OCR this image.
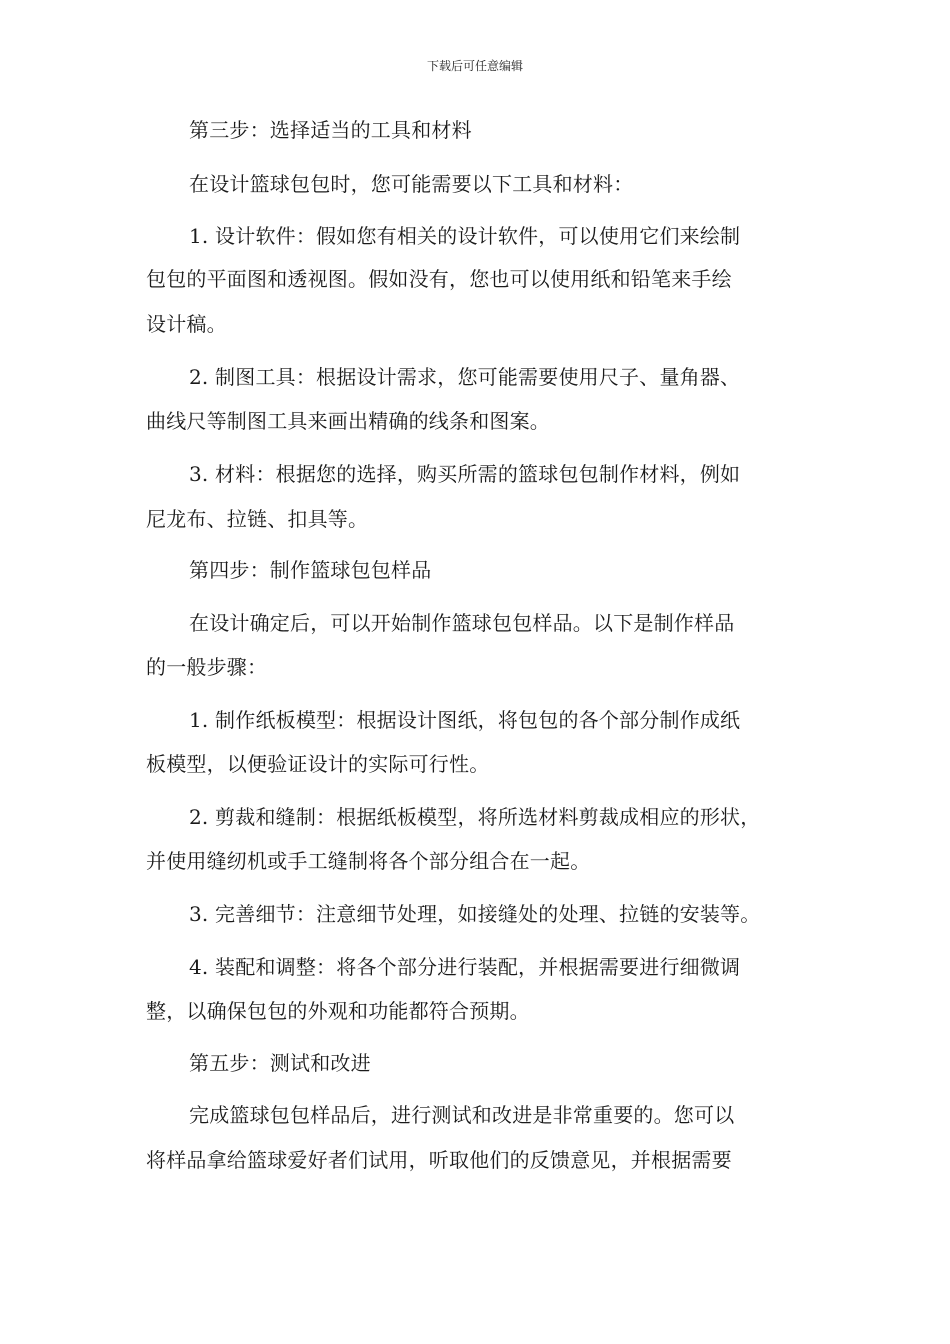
下载后可任意编辑
第三步：选择适当的工具和材料
在设计篮球包包时，您可能需要以下工具和材料：
1. 设计软件：假如您有相关的设计软件，可以使用它们来绘制
包包的平面图和透视图。假如没有，您也可以使用纸和铅笔来手绘
设计稿。
2. 制图工具：根据设计需求，您可能需要使用尺子、量角器、
曲线尺等制图工具来画出精确的线条和图案。
3. 材料：根据您的选择，购买所需的篮球包包制作材料，例如
尼龙布、拉链、扣具等。
第四步：制作篮球包包样品
在设计确定后，可以开始制作篮球包包样品。以下是制作样品
的一般步骤：
1. 制作纸板模型：根据设计图纸，将包包的各个部分制作成纸
板模型，以便验证设计的实际可行性。
2. 剪裁和缝制：根据纸板模型，将所选材料剪裁成相应的形状，
并使用缝纫机或手工缝制将各个部分组合在一起。
3. 完善细节：注意细节处理，如接缝处的处理、拉链的安装等。
4. 装配和调整：将各个部分进行装配，并根据需要进行细微调
整，以确保包包的外观和功能都符合预期。
第五步：测试和改进
完成篮球包包样品后，进行测试和改进是非常重要的。您可以
将样品拿给篮球爱好者们试用，听取他们的反馈意见，并根据需要
